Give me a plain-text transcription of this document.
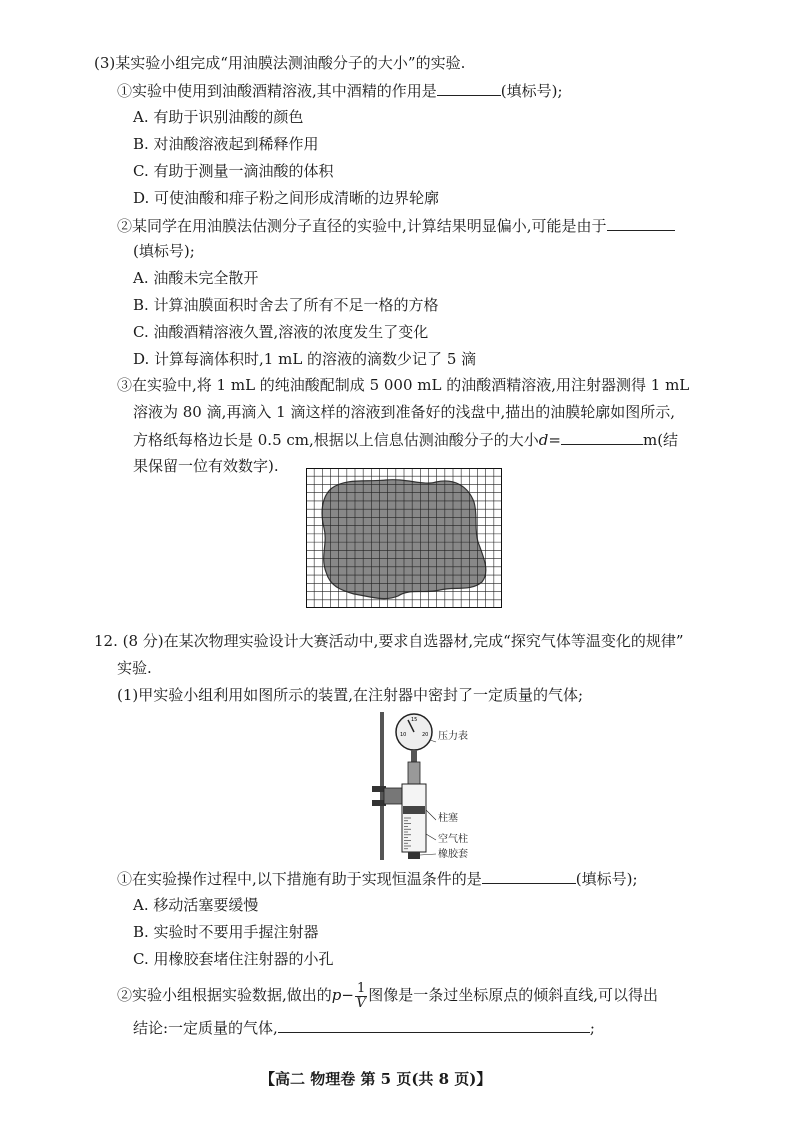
(3)某实验小组完成“用油膜法测油酸分子的大小”的实验.
①实验中使用到油酸酒精溶液,其中酒精的作用是	(填标号);
A. 有助于识别油酸的颜色
B. 对油酸溶液起到稀释作用
C. 有助于测量一滴油酸的体积
D. 可使油酸和痱子粉之间形成清晰的边界轮廓
②某同学在用油膜法估测分子直径的实验中,计算结果明显偏小,可能是由于
(填标号);
A. 油酸未完全散开
B. 计算油膜面积时舍去了所有不足一格的方格
C. 油酸酒精溶液久置,溶液的浓度发生了变化
D. 计算每滴体积时,1 mL 的溶液的滴数少记了 5 滴
③在实验中,将 1 mL 的纯油酸配制成 5 000 mL 的油酸酒精溶液,用注射器测得 1 mL
溶液为 80 滴,再滴入 1 滴这样的溶液到准备好的浅盘中,描出的油膜轮廓如图所示,
方格纸每格边长是 0.5 cm,根据以上信息估测油酸分子的大小d=	m(结
果保留一位有效数字).
12. (8 分)在某次物理实验设计大赛活动中,要求自选器材,完成“探究气体等温变化的规律”
实验.
(1)甲实验小组利用如图所示的装置,在注射器中密封了一定质量的气体;
10
15
20 压力表
柱塞
空气柱
橡胶套
①在实验操作过程中,以下措施有助于实现恒温条件的是	(填标号);
A. 移动活塞要缓慢
B. 实验时不要用手握注射器
C. 用橡胶套堵住注射器的小孔
②实验小组根据实验数据,做出的$p- \frac{1}{V}$ 图像是一条过坐标原点的倾斜直线,可以得出
结论:一定质量的气体,	;
【高二 物理卷 第 5 页(共 8 页)】
